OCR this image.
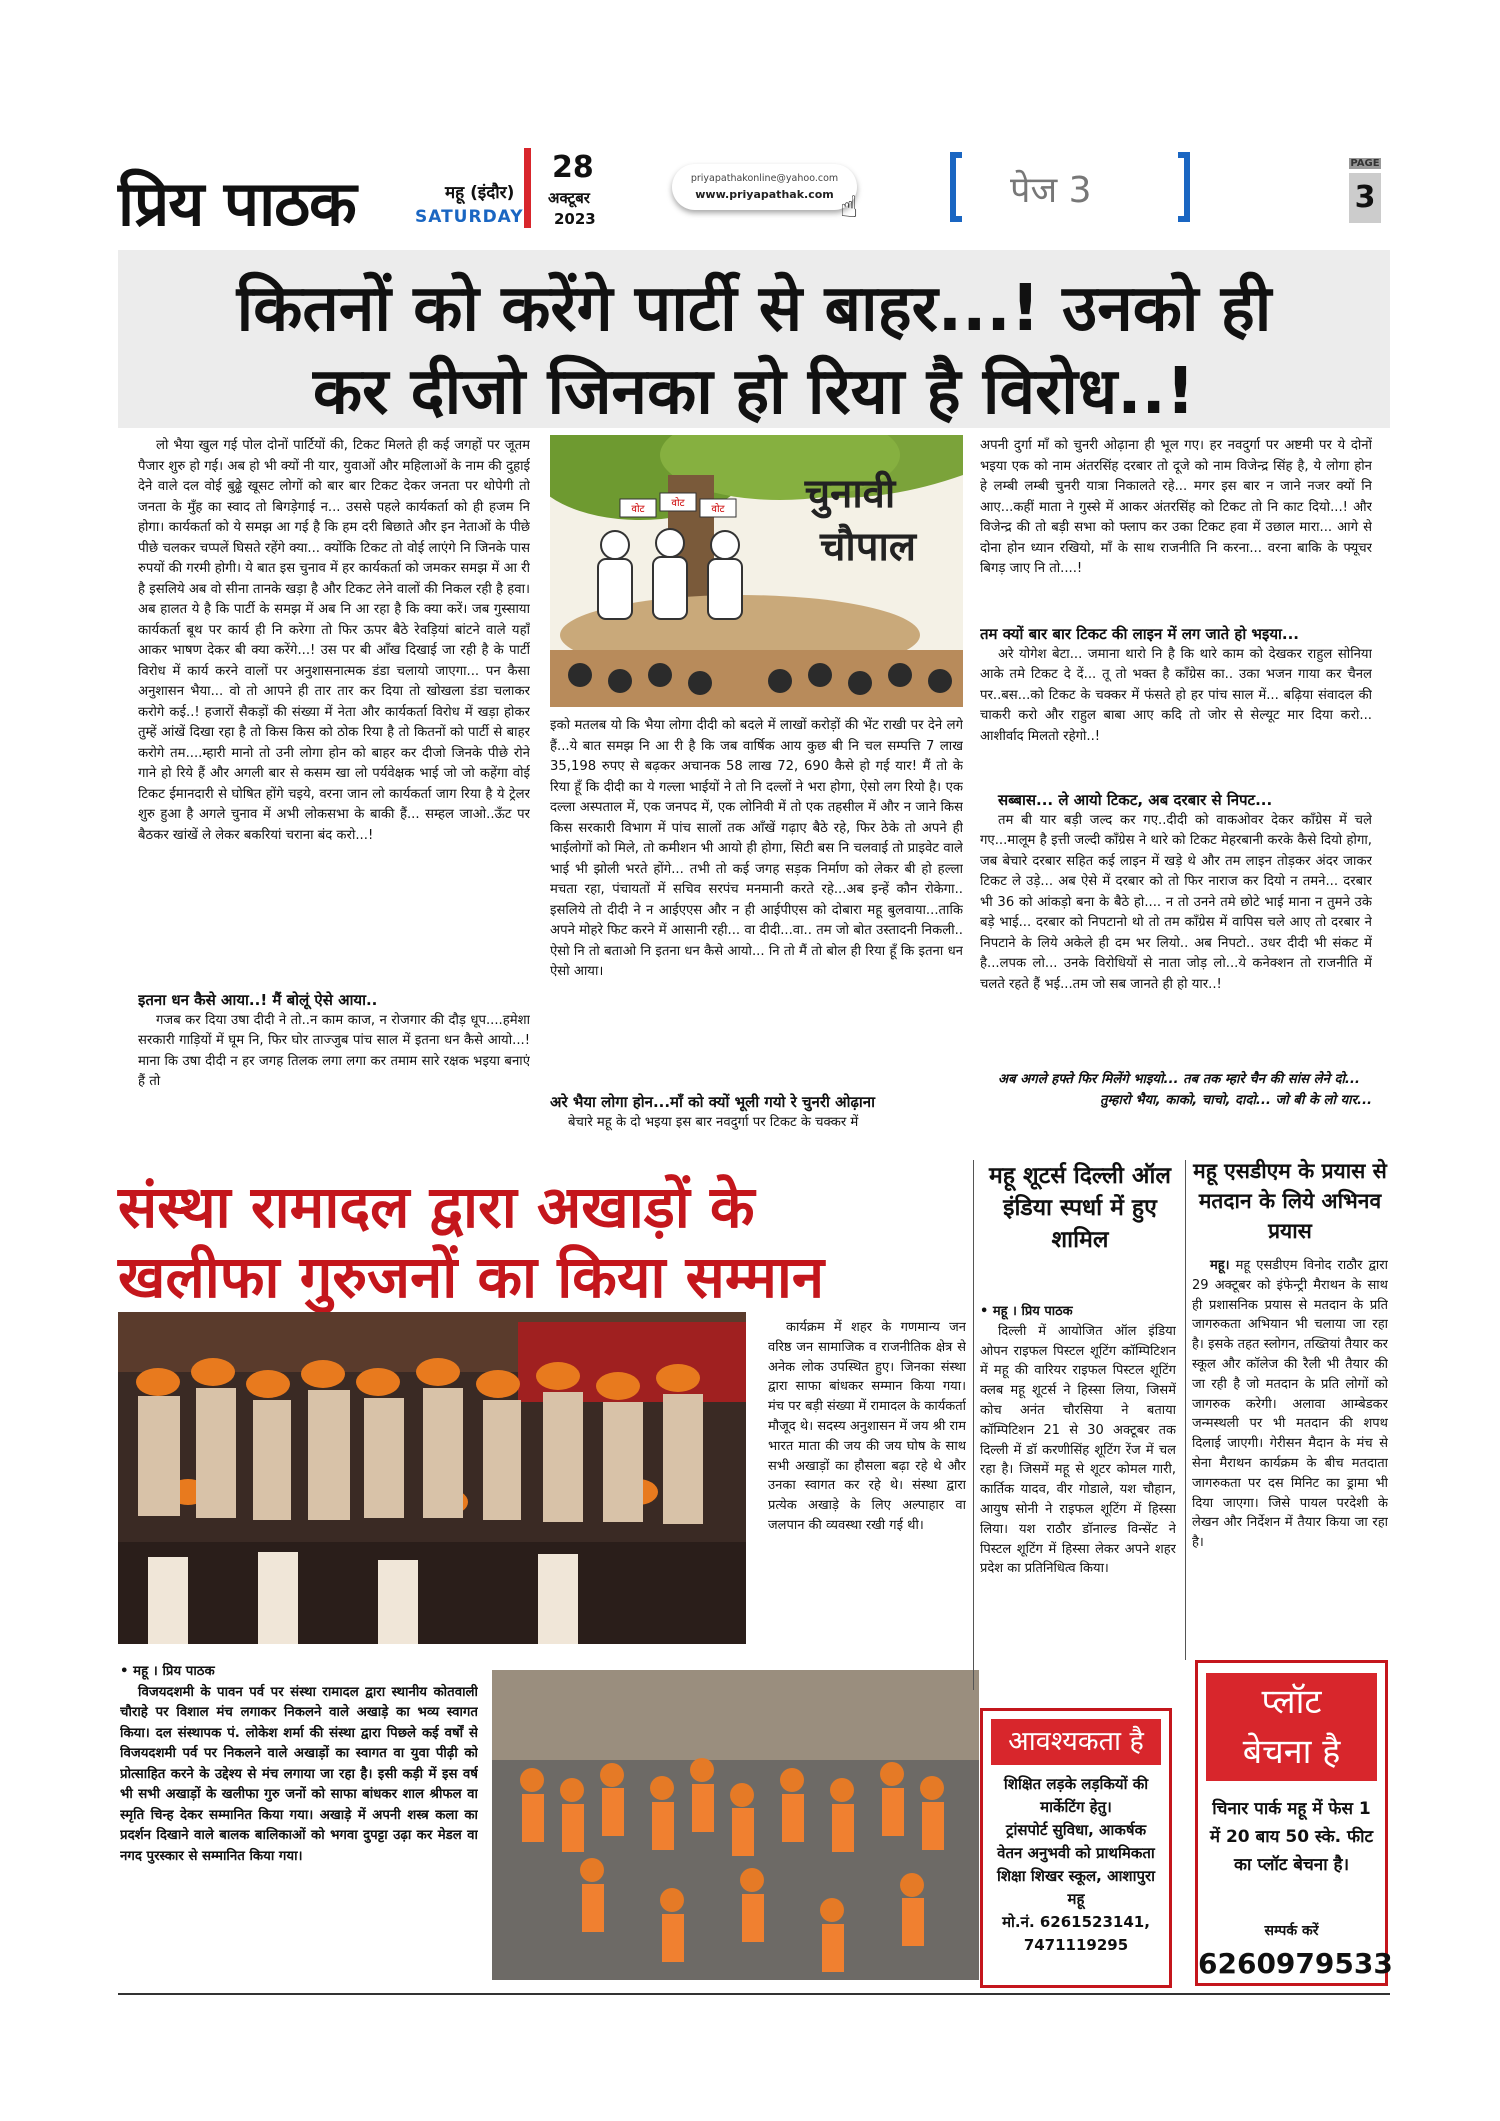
प्रिय पाठक	महू (इंदौर)
SATURDAY
28
अक्टूबर
2023
priyapathakonline@yahoo.com
www.priyapathak.com ☝	पेज 3
PAGE
3
कितनों को करेंगे पार्टी से बाहर...! उनको ही
कर दीजो जिनका हो रिया है विरोध..!

लो भैया खुल गई पोल दोनों पार्टियों की, टिकट मिलते ही कई जगहों पर जूतम पैजार शुरु हो गई। अब हो भी क्यों नी यार, युवाओं और महिलाओं के नाम की दुहाई देने वाले दल वोई बुढ्ढे खूसट लोगों को बार बार टिकट देकर जनता पर थोपेगी तो जनता के मुँह का स्वाद तो बिगड़ेगाई न... उससे पहले कार्यकर्ता को ही हजम नि होगा। कार्यकर्ता को ये समझ आ गई है कि हम दरी बिछाते और इन नेताओं के पीछे पीछे चलकर चप्पलें घिसते रहेंगे क्या... क्योंकि टिकट तो वोई लाएंगे नि जिनके पास रुपयों की गरमी होगी। ये बात इस चुनाव में हर कार्यकर्ता को जमकर समझ में आ री है इसलिये अब वो सीना तानके खड़ा है और टिकट लेने वालों की निकल रही है हवा। अब हालत ये है कि पार्टी के समझ में अब नि आ रहा है कि क्या करें। जब गुस्साया कार्यकर्ता बूथ पर कार्य ही नि करेगा तो फिर ऊपर बैठे रेवड़ियां बांटने वाले यहाँ आकर भाषण देकर बी क्या करेंगे...! उस पर बी आँख दिखाई जा रही है के पार्टी विरोध में कार्य करने वालों पर अनुशासनात्मक डंडा चलायो जाएगा... पन कैसा अनुशासन भैया... वो तो आपने ही तार तार कर दिया तो खोखला डंडा चलाकर करोगे कई..! हजारों सैकड़ों की संख्या में नेता और कार्यकर्ता विरोध में खड़ा होकर तुम्हें आंखें दिखा रहा है तो किस किस को ठोक रिया है तो कितनों को पार्टी से बाहर करोगे तम....म्हारी मानो तो उनी लोगा होन को बाहर कर दीजो जिनके पीछे रोने गाने हो रिये हैं और अगली बार से कसम खा लो पर्यवेक्षक भाई जो जो कहेंगा वोई टिकट ईमानदारी से घोषित होंगे चइये, वरना जान लो कार्यकर्ता जाग रिया है ये ट्रेलर शुरु हुआ है अगले चुनाव में अभी लोकसभा के बाकी हैं... सम्हल जाओ..ऊँट पर बैठकर खांखें ले लेकर बकरियां चराना बंद करो...!

इतना धन कैसे आया..! मैं बोलूं ऐसे आया..

गजब कर दिया उषा दीदी ने तो..न काम काज, न रोजगार की दौड़ धूप....हमेशा सरकारी गाड़ियों में घूम नि, फिर घोर ताज्जुब पांच साल में इतना धन कैसे आयो...! माना कि उषा दीदी न हर जगह तिलक लगा लगा कर तमाम सारे रक्षक भइया बनाएं हैं तो

वोट
वोट
वोट चुनावी
चौपाल

इको मतलब यो कि भैया लोगा दीदी को बदले में लाखों करोड़ों की भेंट राखी पर देने लगे हैं...ये बात समझ नि आ री है कि जब वार्षिक आय कुछ बी नि चल सम्पत्ति 7 लाख 35,198 रुपए से बढ़कर अचानक 58 लाख 72, 690 कैसे हो गई यार! मैं तो के रिया हूँ कि दीदी का ये गल्ला भाईयों ने तो नि दल्लों ने भरा होगा, ऐसो लग रियो है। एक दल्ला अस्पताल में, एक जनपद में, एक लोनिवी में तो एक तहसील में और न जाने किस किस सरकारी विभाग में पांच सालों तक आँखें गढ़ाए बैठे रहे, फिर ठेके तो अपने ही भाईलोगों को मिले, तो कमीशन भी आयो ही होगा, सिटी बस नि चलवाई तो प्राइवेट वाले भाई भी झोली भरते होंगे... तभी तो कई जगह सड़क निर्माण को लेकर बी हो हल्ला मचता रहा, पंचायतों में सचिव सरपंच मनमानी करते रहे...अब इन्हें कौन रोकेगा.. इसलिये तो दीदी ने न आईएएस और न ही आईपीएस को दोबारा महू बुलवाया...ताकि अपने मोहरे फिट करने में आसानी रही... वा दीदी...वा.. तम जो बोत उस्तादनी निकली.. ऐसो नि तो बताओ नि इतना धन कैसे आयो... नि तो मैं तो बोल ही रिया हूँ कि इतना धन ऐसो आया।

अरे भैया लोगा होन...माँ को क्यों भूली गयो रे चुनरी ओढ़ाना

बेचारे महू के दो भइया इस बार नवदुर्गा पर टिकट के चक्कर में

अपनी दुर्गा माँ को चुनरी ओढ़ाना ही भूल गए। हर नवदुर्गा पर अष्टमी पर ये दोनों भइया एक को नाम अंतरसिंह दरबार तो दूजे को नाम विजेन्द्र सिंह है, ये लोगा होन हे लम्बी लम्बी चुनरी यात्रा निकालते रहे... मगर इस बार न जाने नजर क्यों नि आए...कहीं माता ने गुस्से में आकर अंतरसिंह को टिकट तो नि काट दियो...! और विजेन्द्र की तो बड़ी सभा को फ्लाप कर उका टिकट हवा में उछाल मारा... आगे से दोना होन ध्यान रखियो, माँ के साथ राजनीति नि करना... वरना बाकि के फ्यूचर बिगड़ जाए नि तो....!

तम क्यों बार बार टिकट की लाइन में लग जाते हो भइया...

अरे योगेश बेटा... जमाना थारो नि है कि थारे काम को देखकर राहुल सोनिया आके तमे टिकट दे दें... तू तो भक्त है कॉंग्रेस का.. उका भजन गाया कर चैनल पर..बस...को टिकट के चक्कर में फंसते हो हर पांच साल में... बढ़िया संवादल की चाकरी करो और राहुल बाबा आए कदि तो जोर से सेल्यूट मार दिया करो... आशीर्वाद मिलतो रहेगो..!

सब्बास... ले आयो टिकट, अब दरबार से निपट...

तम बी यार बड़ी जल्द कर गए..दीदी को वाकओवर देकर कॉंग्रेस में चले गए...मालूम है इत्ती जल्दी कॉंग्रेस ने थारे को टिकट मेहरबानी करके कैसे दियो होगा, जब बेचारे दरबार सहित कई लाइन में खड़े थे और तम लाइन तोड़कर अंदर जाकर टिकट ले उड़े... अब ऐसे में दरबार को तो फिर नाराज कर दियो न तमने... दरबार भी 36 को आंकड़ो बना के बैठे हो.... न तो उनने तमे छोटे भाई माना न तुमने उके बड़े भाई... दरबार को निपटानो थो तो तम कॉंग्रेस में वापिस चले आए तो दरबार ने निपटाने के लिये अकेले ही दम भर लियो.. अब निपटो.. उधर दीदी भी संकट में है...लपक लो... उनके विरोधियों से नाता जोड़ लो...ये कनेक्शन तो राजनीति में चलते रहते हैं भई...तम जो सब जानते ही हो यार..!

अब अगले हफ्ते फिर मिलेंगे भाइयो... तब तक म्हारे चैन की सांस लेने दो...

तुम्हारो भैया, काको, चाचो, दादो... जो बी के लो यार...

संस्था रामादल द्वारा अखाड़ों के
खलीफा गुरुजनों का किया सम्मान

कार्यक्रम में शहर के गणमान्य जन वरिष्ठ जन सामाजिक व राजनीतिक क्षेत्र से अनेक लोक उपस्थित हुए। जिनका संस्था द्वारा साफा बांधकर सम्मान किया गया। मंच पर बड़ी संख्या में रामादल के कार्यकर्ता मौजूद थे। सदस्य अनुशासन में जय श्री राम भारत माता की जय की जय घोष के साथ सभी अखाड़ों का हौसला बढ़ा रहे थे और उनका स्वागत कर रहे थे। संस्था द्वारा प्रत्येक अखाड़े के लिए अल्पाहार वा जलपान की व्यवस्था रखी गई थी।

• महू । प्रिय पाठक

विजयदशमी के पावन पर्व पर संस्था रामादल द्वारा स्थानीय कोतवाली चौराहे पर विशाल मंच लगाकर निकलने वाले अखाड़े का भव्य स्वागत किया। दल संस्थापक पं. लोकेश शर्मा की संस्था द्वारा पिछले कई वर्षों से विजयदशमी पर्व पर निकलने वाले अखाड़ों का स्वागत वा युवा पीढ़ी को प्रोत्साहित करने के उद्देश्य से मंच लगाया जा रहा है। इसी कड़ी में इस वर्ष भी सभी अखाड़ों के खलीफा गुरु जनों को साफा बांधकर शाल श्रीफल वा स्मृति चिन्ह देकर सम्मानित किया गया। अखाड़े में अपनी शस्त्र कला का प्रदर्शन दिखाने वाले बालक बालिकाओं को भगवा दुपट्टा उढ़ा कर मेडल वा नगद पुरस्कार से सम्मानित किया गया।

महू शूटर्स दिल्ली ऑल इंडिया स्पर्धा में हुए शामिल

• महू । प्रिय पाठक

दिल्ली में आयोजित ऑल इंडिया ओपन राइफल पिस्टल शूटिंग कॉम्पिटिशन में महू की वारियर राइफल पिस्टल शूटिंग क्लब महू शूटर्स ने हिस्सा लिया, जिसमें कोच अनंत चौरसिया ने बताया कॉम्पिटिशन 21 से 30 अक्टूबर तक दिल्ली में डॉ करणीसिंह शूटिंग रेंज में चल रहा है। जिसमें महू से शूटर कोमल गारी, कार्तिक यादव, वीर गोडाले, यश चौहान, आयुष सोनी ने राइफल शूटिंग में हिस्सा लिया। यश राठौर डॉनाल्ड विन्सेंट ने पिस्टल शूटिंग में हिस्सा लेकर अपने शहर प्रदेश का प्रतिनिधित्व किया।

महू एसडीएम के प्रयास से मतदान के लिये अभिनव प्रयास

महू। महू एसडीएम विनोद राठौर द्वारा 29 अक्टूबर को इंफेन्ट्री मैराथन के साथ ही प्रशासनिक प्रयास से मतदान के प्रति जागरुकता अभियान भी चलाया जा रहा है। इसके तहत स्लोगन, तख्तियां तैयार कर स्कूल और कॉलेज की रैली भी तैयार की जा रही है जो मतदान के प्रति लोगों को जागरुक करेगी। अलावा आम्बेडकर जन्मस्थली पर भी मतदान की शपथ दिलाई जाएगी। गेरीसन मैदान के मंच से सेना मैराथन कार्यक्रम के बीच मतदाता जागरुकता पर दस मिनिट का ड्रामा भी दिया जाएगा। जिसे पायल परदेशी के लेखन और निर्देशन में तैयार किया जा रहा है।

आवश्यकता है
शिक्षित लड़के लड़कियों की मार्केटिंग हेतु।
ट्रांसपोर्ट सुविधा, आकर्षक वेतन अनुभवी को प्राथमिकता
शिक्षा शिखर स्कूल, आशापुरा महू
मो.नं. 6261523141,
7471119295
प्लॉट
बेचना है
चिनार पार्क महू में फेस 1 में 20 बाय 50 स्के. फीट का प्लॉट बेचना है।
सम्पर्क करें
6260979533
